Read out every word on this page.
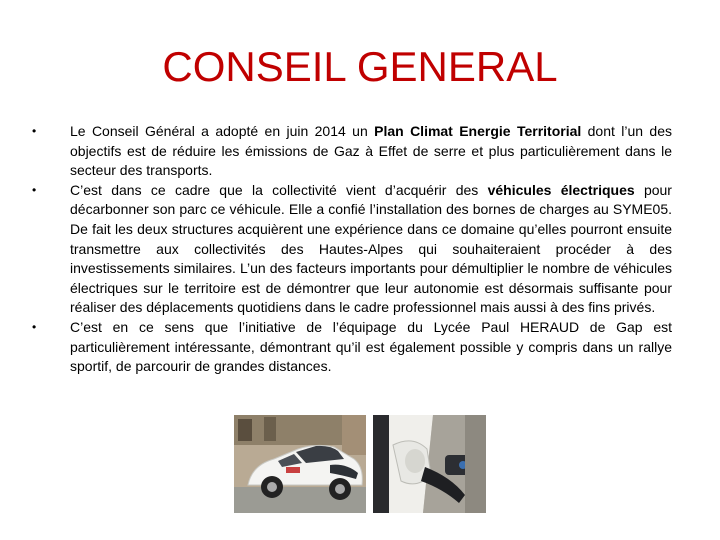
CONSEIL GENERAL
• Le Conseil Général a adopté en juin 2014 un Plan Climat Energie Territorial dont l’un des objectifs est de réduire les émissions de Gaz à Effet de serre et plus particulièrement dans le secteur des transports.
• C’est dans ce cadre que la collectivité vient d’acquérir des véhicules électriques pour décarbonner son parc ce véhicule. Elle a confié l’installation des bornes de charges au SYME05. De fait les deux structures acquièrent une expérience dans ce domaine qu’elles pourront ensuite transmettre aux collectivités des Hautes-Alpes qui souhaiteraient procéder à des investissements similaires. L’un des facteurs importants pour démultiplier le nombre de véhicules électriques sur le territoire est de démontrer que leur autonomie est désormais suffisante pour réaliser des déplacements quotidiens dans le cadre professionnel mais aussi à des fins privés.
• C’est en ce sens que l’initiative de l’équipage du Lycée Paul HERAUD de Gap est particulièrement intéressante, démontrant qu’il est également possible y compris dans un rallye sportif, de parcourir de grandes distances.
